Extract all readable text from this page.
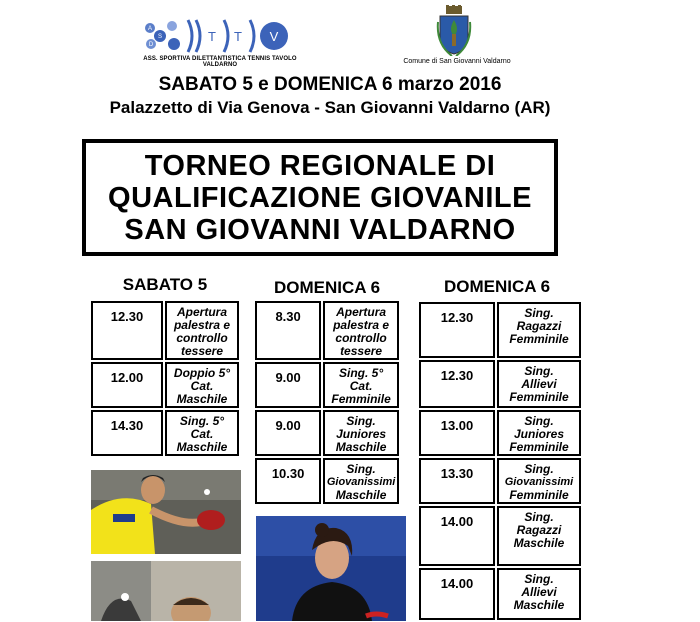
A
S
D
T T V
ASS. SPORTIVA DILETTANTISTICA TENNIS TAVOLO VALDARNO	Comune di San Giovanni Valdarno
SABATO 5 e DOMENICA 6 marzo 2016
Palazzetto di Via Genova - San Giovanni Valdarno (AR)
TORNEO REGIONALE DI
QUALIFICAZIONE GIOVANILE
SAN GIOVANNI VALDARNO
SABATO 5	DOMENICA 6	DOMENICA 6
12.30	Apertura
palestra e
controllo
tessere

12.00	Doppio 5°
Cat.
Maschile

14.30	Sing. 5°
Cat.
Maschile
8.30	Apertura
palestra e
controllo
tessere

9.00	Sing. 5°
Cat.
Femminile

9.00	Sing.
Juniores
Maschile

10.30	Sing.
Giovanissimi
Maschile
12.30	Sing.
Ragazzi
Femminile

12.30	Sing.
Allievi
Femminile

13.00	Sing.
Juniores
Femminile

13.30	Sing.
Giovanissimi
Femminile

14.00	Sing.
Ragazzi
Maschile

14.00	Sing.
Allievi
Maschile
